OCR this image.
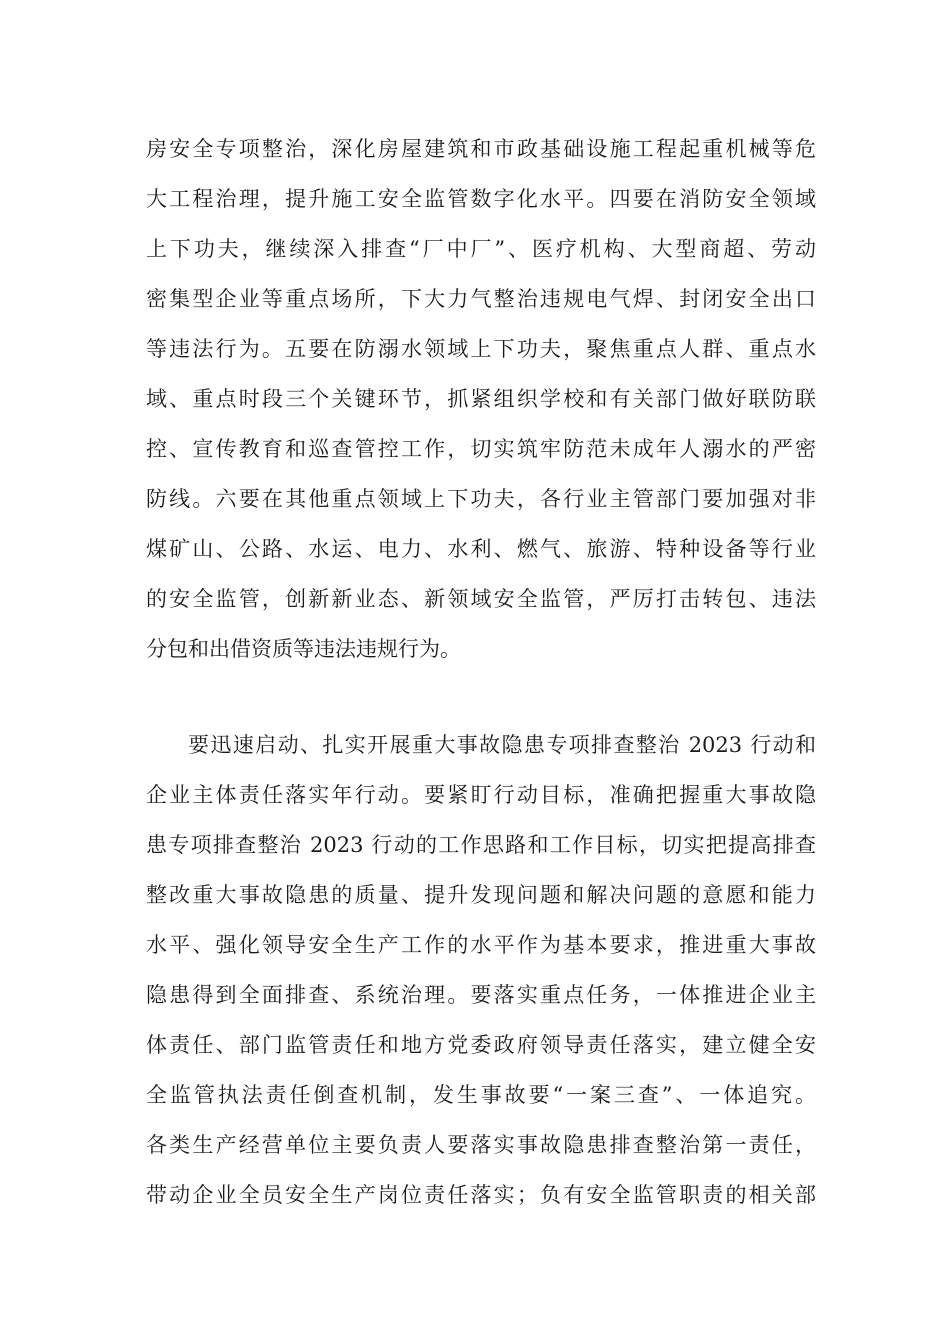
房安全专项整治，深化房屋建筑和市政基础设施工程起重机械等危
大工程治理，提升施工安全监管数字化水平。四要在消防安全领域
上下功夫，继续深入排查“厂中厂”、医疗机构、大型商超、劳动
密集型企业等重点场所，下大力气整治违规电气焊、封闭安全出口
等违法行为。五要在防溺水领域上下功夫，聚焦重点人群、重点水
域、重点时段三个关键环节，抓紧组织学校和有关部门做好联防联
控、宣传教育和巡查管控工作，切实筑牢防范未成年人溺水的严密
防线。六要在其他重点领域上下功夫，各行业主管部门要加强对非
煤矿山、公路、水运、电力、水利、燃气、旅游、特种设备等行业
的安全监管，创新新业态、新领域安全监管，严厉打击转包、违法
分包和出借资质等违法违规行为。
要迅速启动、扎实开展重大事故隐患专项排查整治 2023 行动和
企业主体责任落实年行动。要紧盯行动目标，准确把握重大事故隐
患专项排查整治 2023 行动的工作思路和工作目标，切实把提高排查
整改重大事故隐患的质量、提升发现问题和解决问题的意愿和能力
水平、强化领导安全生产工作的水平作为基本要求，推进重大事故
隐患得到全面排查、系统治理。要落实重点任务，一体推进企业主
体责任、部门监管责任和地方党委政府领导责任落实，建立健全安
全监管执法责任倒查机制，发生事故要“一案三查”、一体追究。
各类生产经营单位主要负责人要落实事故隐患排查整治第一责任，
带动企业全员安全生产岗位责任落实；负有安全监管职责的相关部
